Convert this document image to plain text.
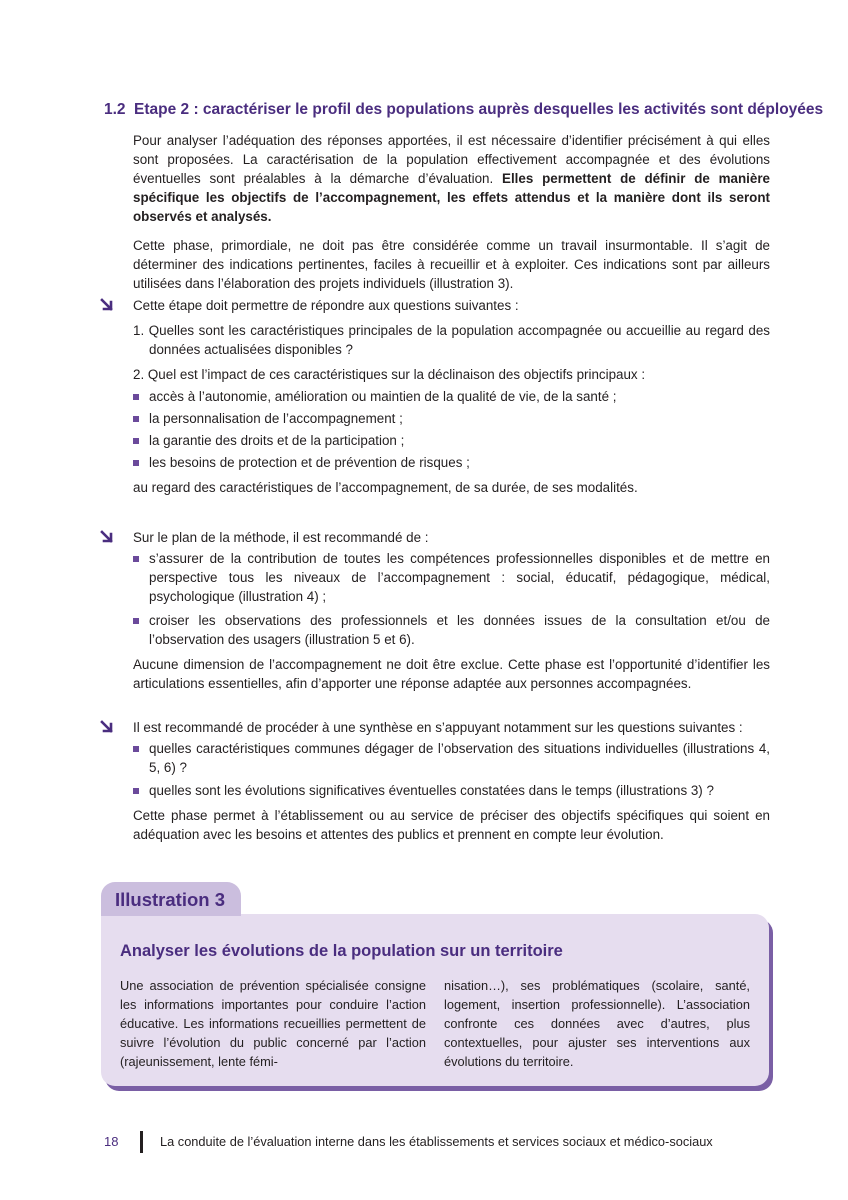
1.2 Etape 2 : caractériser le profil des populations auprès desquelles les activités sont déployées

Pour analyser l’adéquation des réponses apportées, il est nécessaire d’identifier précisément à qui elles sont proposées. La caractérisation de la population effectivement accompagnée et des évolutions éventuelles sont préalables à la démarche d’évaluation. Elles permettent de définir de manière spécifique les objectifs de l’accompagnement, les effets attendus et la manière dont ils seront observés et analysés.

Cette phase, primordiale, ne doit pas être considérée comme un travail insurmontable. Il s’agit de déterminer des indications pertinentes, faciles à recueillir et à exploiter. Ces indications sont par ailleurs utilisées dans l’élaboration des projets individuels (illustration 3).

Cette étape doit permettre de répondre aux questions suivantes :

1. Quelles sont les caractéristiques principales de la population accompagnée ou accueillie au regard des données actualisées disponibles ?

2. Quel est l’impact de ces caractéristiques sur la déclinaison des objectifs principaux :

accès à l’autonomie, amélioration ou maintien de la qualité de vie, de la santé ;
la personnalisation de l’accompagnement ;
la garantie des droits et de la participation ;
les besoins de protection et de prévention de risques ;

au regard des caractéristiques de l’accompagnement, de sa durée, de ses modalités.

Sur le plan de la méthode, il est recommandé de :

s’assurer de la contribution de toutes les compétences professionnelles disponibles et de mettre en perspective tous les niveaux de l’accompagnement : social, éducatif, pédagogique, médical, psychologique (illustration 4) ;
croiser les observations des professionnels et les données issues de la consultation et/ou de l’observation des usagers (illustration 5 et 6).

Aucune dimension de l’accompagnement ne doit être exclue. Cette phase est l’opportunité d’identifier les articulations essentielles, afin d’apporter une réponse adaptée aux personnes accompagnées.

Il est recommandé de procéder à une synthèse en s’appuyant notamment sur les questions suivantes :

quelles caractéristiques communes dégager de l’observation des situations individuelles (illustrations 4, 5, 6) ?
quelles sont les évolutions significatives éventuelles constatées dans le temps (illustrations 3) ?

Cette phase permet à l’établissement ou au service de préciser des objectifs spécifiques qui soient en adéquation avec les besoins et attentes des publics et prennent en compte leur évolution.

Illustration 3
Analyser les évolutions de la population sur un territoire

Une association de prévention spécialisée consigne les informations importantes pour conduire l’action éducative. Les informations recueillies permettent de suivre l’évolution du public concerné par l’action (rajeunissement, lente fémi-

nisation…), ses problématiques (scolaire, santé, logement, insertion professionnelle). L’association confronte ces données avec d’autres, plus contextuelles, pour ajuster ses interventions aux évolutions du territoire.

18	La conduite de l’évaluation interne dans les établissements et services sociaux et médico-sociaux
